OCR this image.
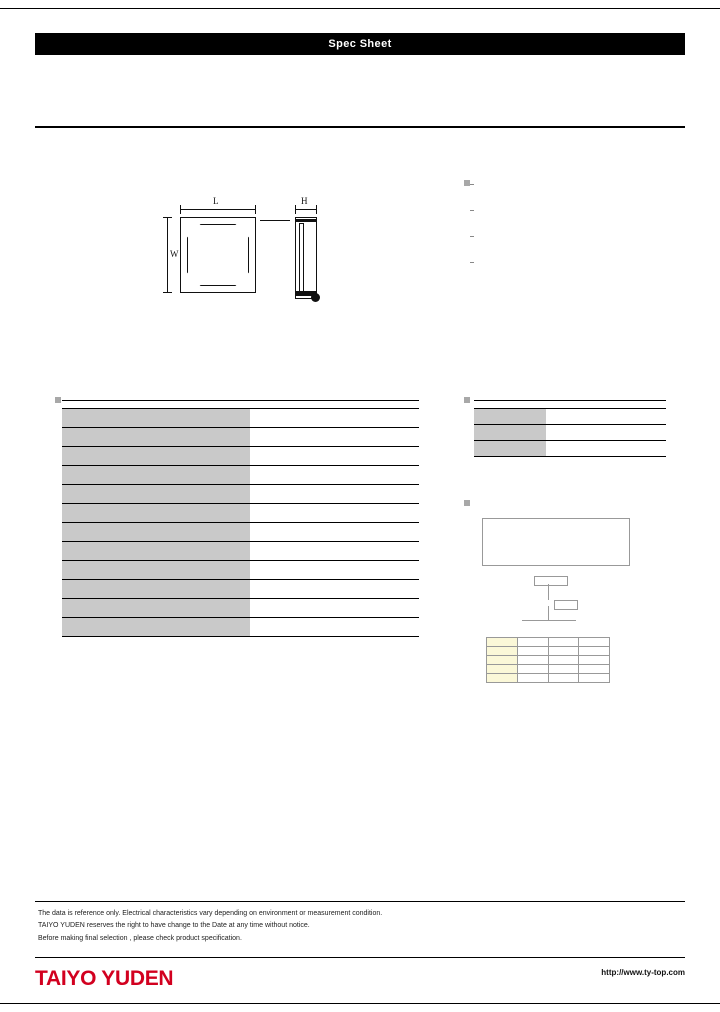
Spec Sheet
L
W
H

The data is reference only. Electrical characteristics vary depending on environment or measurement condition.
TAIYO YUDEN reserves the right to have change to the Date at any time without notice.
Before making final selection , please check product specification.
TAIYO YUDEN	http://www.ty-top.com
